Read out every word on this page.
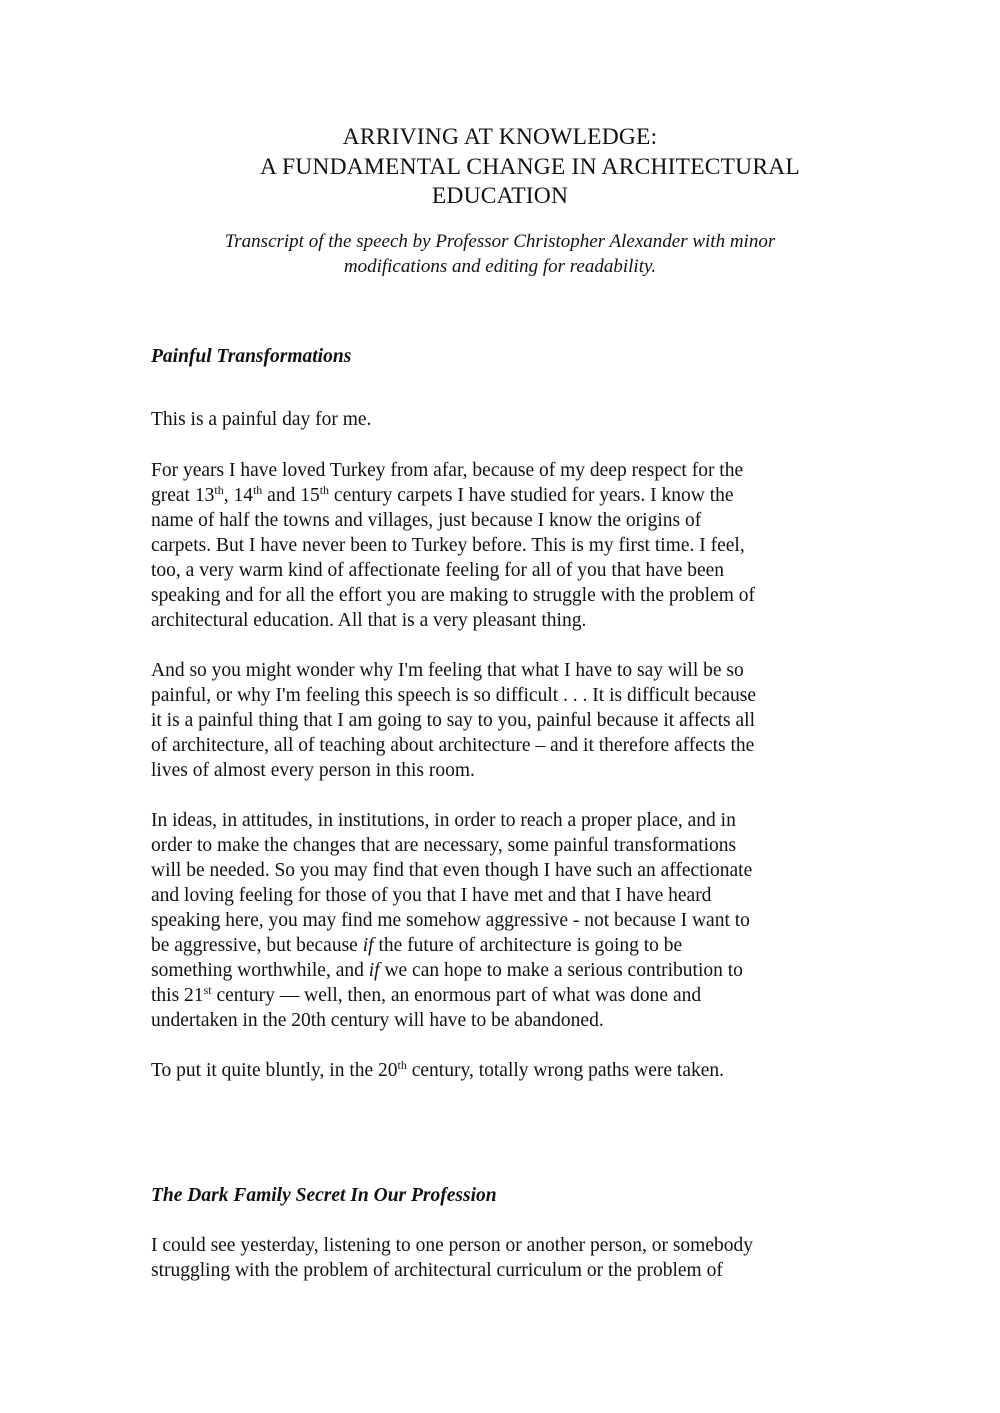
ARRIVING AT KNOWLEDGE:

A FUNDAMENTAL CHANGE IN ARCHITECTURAL

EDUCATION

Transcript of the speech by Professor Christopher Alexander with minor

modifications and editing for readability.

Painful Transformations

This is a painful day for me.
For years I have loved Turkey from afar, because of my deep respect for the
great 13th, 14th and 15th century carpets I have studied for years. I know the
name of half the towns and villages, just because I know the origins of
carpets. But I have never been to Turkey before. This is my first time. I feel,
too, a very warm kind of affectionate feeling for all of you that have been
speaking and for all the effort you are making to struggle with the problem of
architectural education. All that is a very pleasant thing.
And so you might wonder why I'm feeling that what I have to say will be so
painful, or why I'm feeling this speech is so difficult . . . It is difficult because
it is a painful thing that I am going to say to you, painful because it affects all
of architecture, all of teaching about architecture – and it therefore affects the
lives of almost every person in this room.
In ideas, in attitudes, in institutions, in order to reach a proper place, and in
order to make the changes that are necessary, some painful transformations
will be needed. So you may find that even though I have such an affectionate
and loving feeling for those of you that I have met and that I have heard
speaking here, you may find me somehow aggressive - not because I want to
be aggressive, but because if the future of architecture is going to be
something worthwhile, and if we can hope to make a serious contribution to
this 21st century — well, then, an enormous part of what was done and
undertaken in the 20th century will have to be abandoned.
To put it quite bluntly, in the 20th century, totally wrong paths were taken.

The Dark Family Secret In Our Profession

I could see yesterday, listening to one person or another person, or somebody
struggling with the problem of architectural curriculum or the problem of
